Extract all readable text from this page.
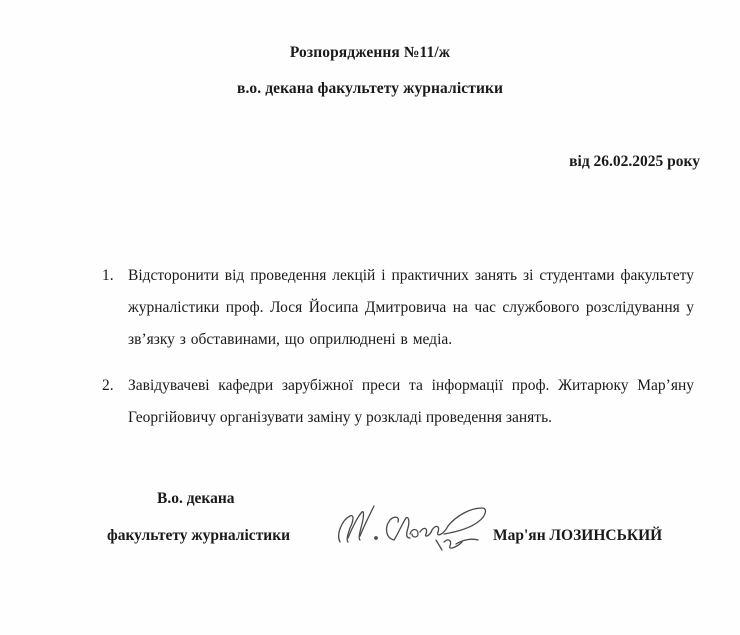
Розпорядження №11/ж
в.о. декана факультету журналістики
від 26.02.2025 року
1. Відсторонити від проведення лекцій і практичних занять зі студентами факультету журналістики проф. Лося Йосипа Дмитровича на час службового розслідування у зв’язку з обставинами, що оприлюднені в медіа.
2. Завідувачеві кафедри зарубіжної преси та інформації проф. Житарюку Мар’яну Георгійовичу організувати заміну у розкладі проведення занять.
В.о. декана
факультету журналістики	Мар'ян ЛОЗИНСЬКИЙ
